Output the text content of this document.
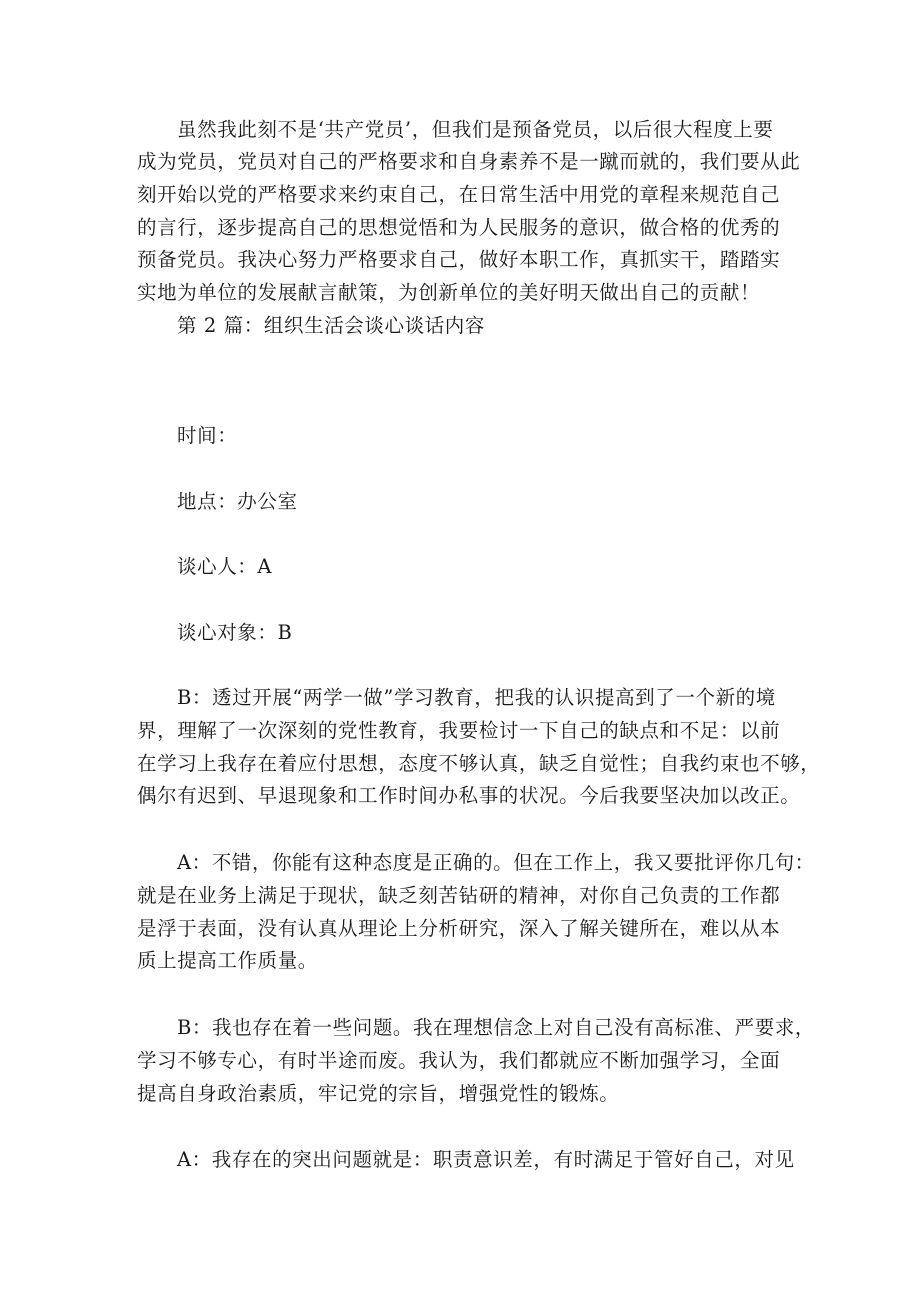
虽然我此刻不是‘共产党员’，但我们是预备党员，以后很大程度上要
成为党员，党员对自己的严格要求和自身素养不是一蹴而就的，我们要从此
刻开始以党的严格要求来约束自己，在日常生活中用党的章程来规范自己
的言行，逐步提高自己的思想觉悟和为人民服务的意识，做合格的优秀的
预备党员。我决心努力严格要求自己，做好本职工作，真抓实干，踏踏实
实地为单位的发展献言献策，为创新单位的美好明天做出自己的贡献！
第 2 篇：组织生活会谈心谈话内容
时间：
地点：办公室
谈心人：A
谈心对象：B
B：透过开展“两学一做”学习教育，把我的认识提高到了一个新的境
界，理解了一次深刻的党性教育，我要检讨一下自己的缺点和不足：以前
在学习上我存在着应付思想，态度不够认真，缺乏自觉性；自我约束也不够，
偶尔有迟到、早退现象和工作时间办私事的状况。今后我要坚决加以改正。
A：不错，你能有这种态度是正确的。但在工作上，我又要批评你几句：
就是在业务上满足于现状，缺乏刻苦钻研的精神，对你自己负责的工作都
是浮于表面，没有认真从理论上分析研究，深入了解关键所在，难以从本
质上提高工作质量。
B：我也存在着一些问题。我在理想信念上对自己没有高标准、严要求，
学习不够专心，有时半途而废。我认为，我们都就应不断加强学习，全面
提高自身政治素质，牢记党的宗旨，增强党性的锻炼。
A：我存在的突出问题就是：职责意识差，有时满足于管好自己，对见
